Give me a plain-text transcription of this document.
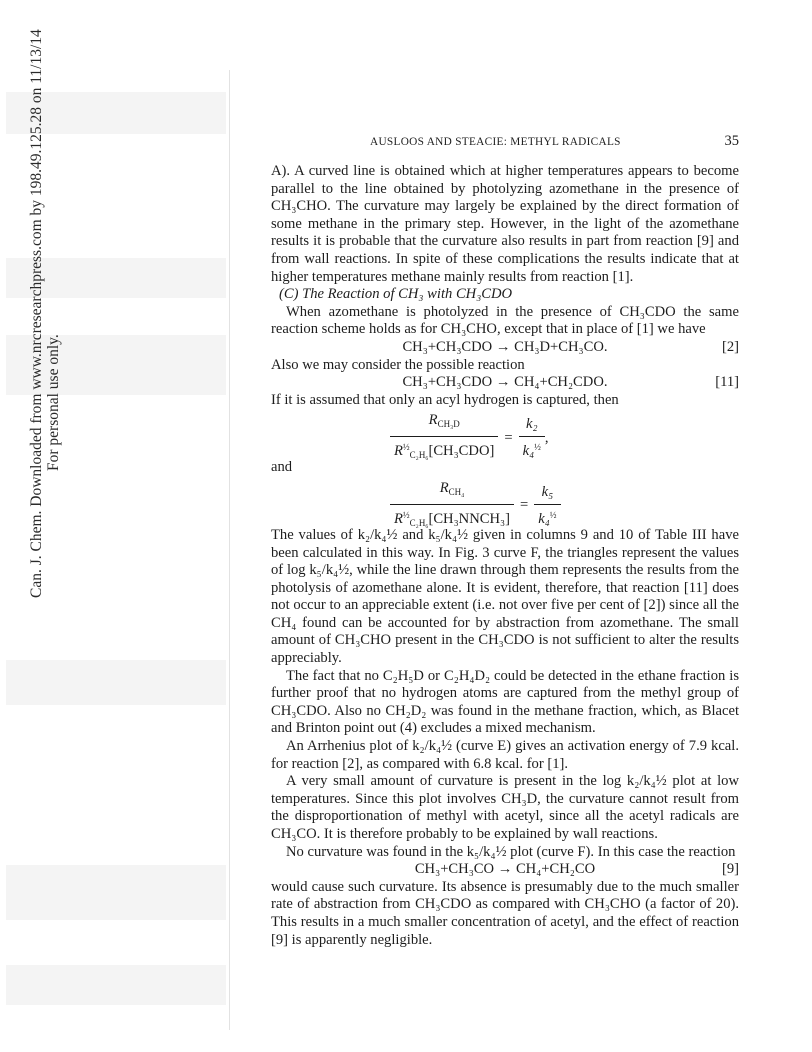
Can. J. Chem. Downloaded from www.nrcresearchpress.com by 198.49.125.28 on 11/13/14 For personal use only.
AUSLOOS AND STEACIE: METHYL RADICALS	35

A). A curved line is obtained which at higher temperatures appears to become parallel to the line obtained by photolyzing azomethane in the presence of CH₃CHO. The curvature may largely be explained by the direct formation of some methane in the primary step. However, in the light of the azomethane results it is probable that the curvature also results in part from reaction [9] and from wall reactions. In spite of these complications the results indicate that at higher temperatures methane mainly results from reaction [1].

(C) The Reaction of CH₃ with CH₃CDO

When azomethane is photolyzed in the presence of CH₃CDO the same reaction scheme holds as for CH₃CHO, except that in place of [1] we have

CH₃+CH₃CDO → CH₃D+CH₃CO.	[2]

Also we may consider the possible reaction

CH₃+CH₃CDO → CH₄+CH₂CDO.	[11]

If it is assumed that only an acyl hydrogen is captured, then

$\frac{R_{CH_3D}}{R^{\frac{1}{2}}_{C_2H_6}[CH_3CDO]} = \frac{\text{k₂}}{k_4^{\frac{1}{2}}}$ ,

and

$\frac{R_{CH_4}}{R^{\frac{1}{2}}_{C_2H_6}[CH_3NNCH_3]} = \frac{\text{k₅}}{k_4^{\frac{1}{2}}}$

The values of k₂/k₄½ and k₅/k₄½ given in columns 9 and 10 of Table III have been calculated in this way. In Fig. 3 curve F, the triangles represent the values of log k₅/k₄½, while the line drawn through them represents the results from the photolysis of azomethane alone. It is evident, therefore, that reaction [11] does not occur to an appreciable extent (i.e. not over five per cent of [2]) since all the CH₄ found can be accounted for by abstraction from azomethane. The small amount of CH₃CHO present in the CH₃CDO is not sufficient to alter the results appreciably.

The fact that no C₂H₅D or C₂H₄D₂ could be detected in the ethane fraction is further proof that no hydrogen atoms are captured from the methyl group of CH₃CDO. Also no CH₂D₂ was found in the methane fraction, which, as Blacet and Brinton point out (4) excludes a mixed mechanism.

An Arrhenius plot of k₂/k₄½ (curve E) gives an activation energy of 7.9 kcal. for reaction [2], as compared with 6.8 kcal. for [1].

A very small amount of curvature is present in the log k₂/k₄½ plot at low temperatures. Since this plot involves CH₃D, the curvature cannot result from the disproportionation of methyl with acetyl, since all the acetyl radicals are CH₃CO. It is therefore probably to be explained by wall reactions.

No curvature was found in the k₅/k₄½ plot (curve F). In this case the reaction

CH₃+CH₃CO → CH₄+CH₂CO	[9]

would cause such curvature. Its absence is presumably due to the much smaller rate of abstraction from CH₃CDO as compared with CH₃CHO (a factor of 20). This results in a much smaller concentration of acetyl, and the effect of reaction [9] is apparently negligible.
